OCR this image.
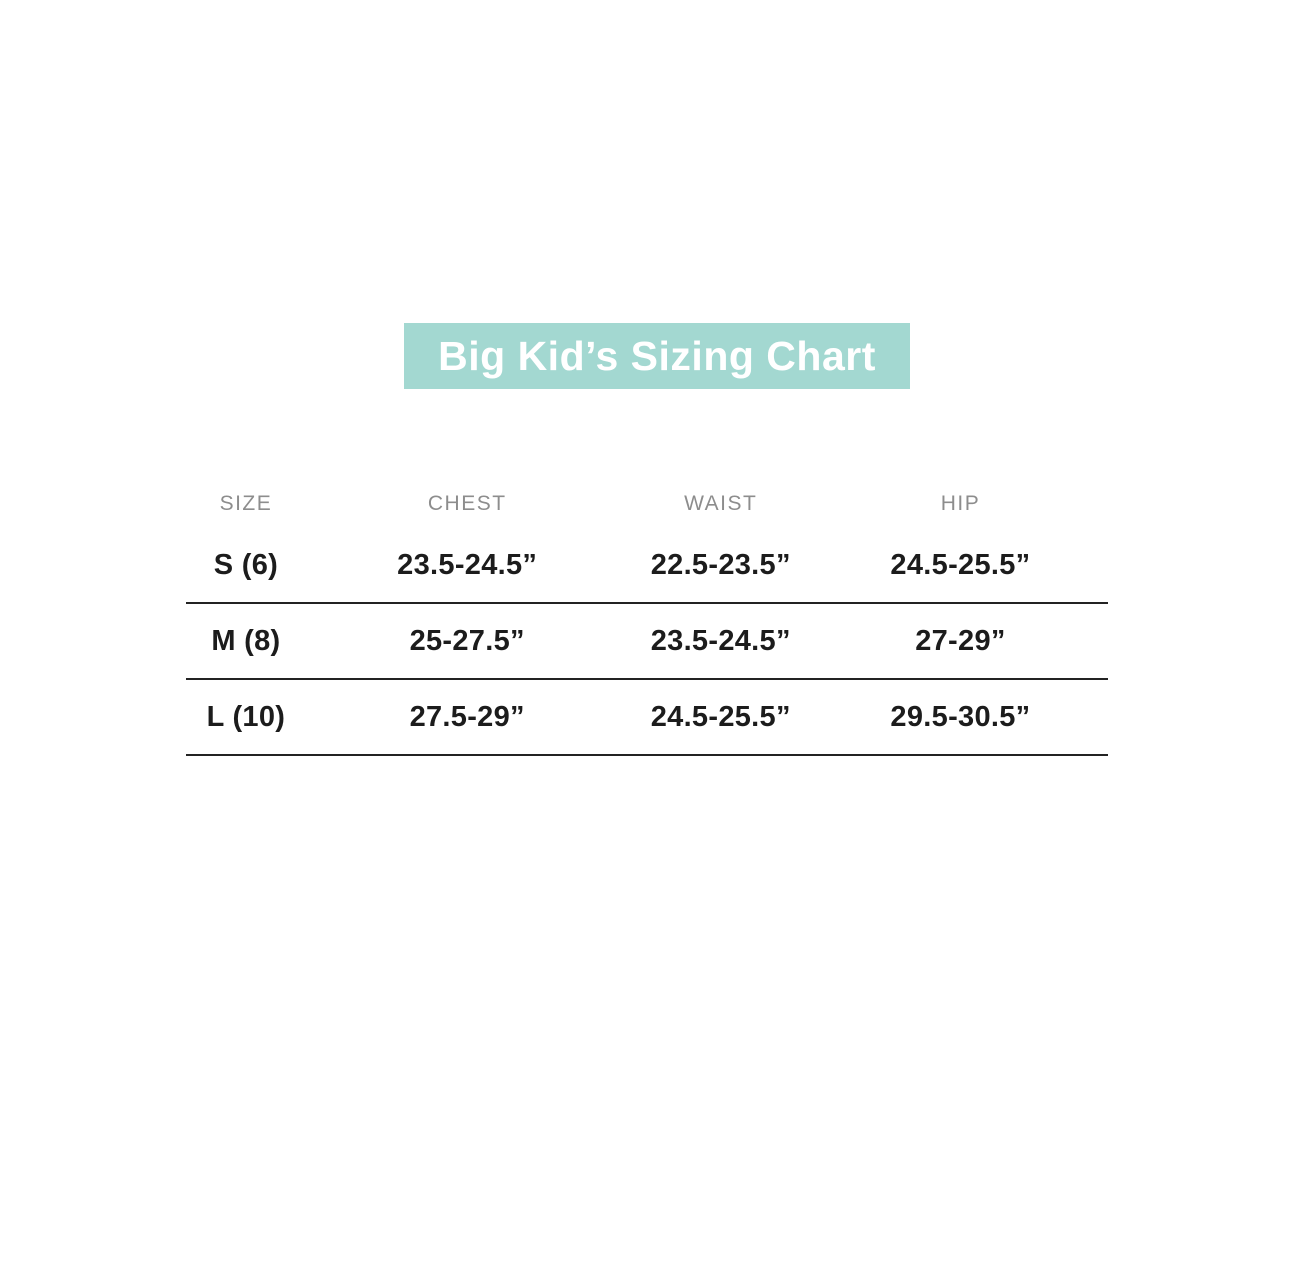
Big Kid’s Sizing Chart
SIZE	CHEST	WAIST	HIP
S (6)	23.5-24.5”	22.5-23.5”	24.5-25.5”
M (8)	25-27.5”	23.5-24.5”	27-29”
L (10)	27.5-29”	24.5-25.5”	29.5-30.5”
